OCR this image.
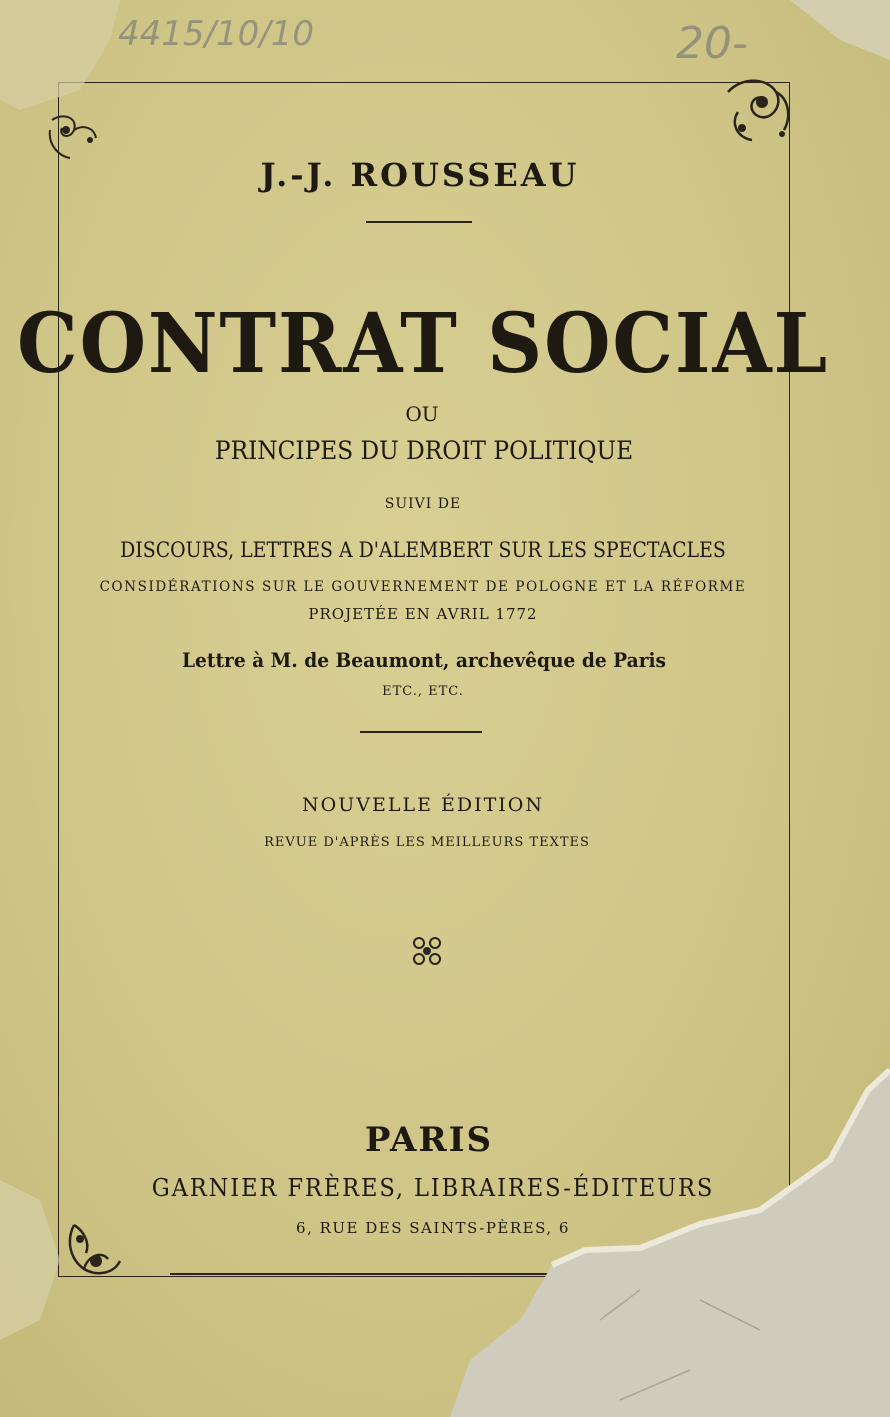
4415/10/10	20-
J.-J. ROUSSEAU
CONTRAT SOCIAL
OU
PRINCIPES DU DROIT POLITIQUE
SUIVI DE
DISCOURS, LETTRES A D'ALEMBERT SUR LES SPECTACLES
CONSIDÉRATIONS SUR LE GOUVERNEMENT DE POLOGNE ET LA RÉFORME
PROJETÉE EN AVRIL 1772
Lettre à M. de Beaumont, archevêque de Paris
ETC., ETC.
NOUVELLE ÉDITION
REVUE D'APRÈS LES MEILLEURS TEXTES
PARIS
GARNIER FRÈRES, LIBRAIRES-ÉDITEURS
6, RUE DES SAINTS-PÈRES, 6
